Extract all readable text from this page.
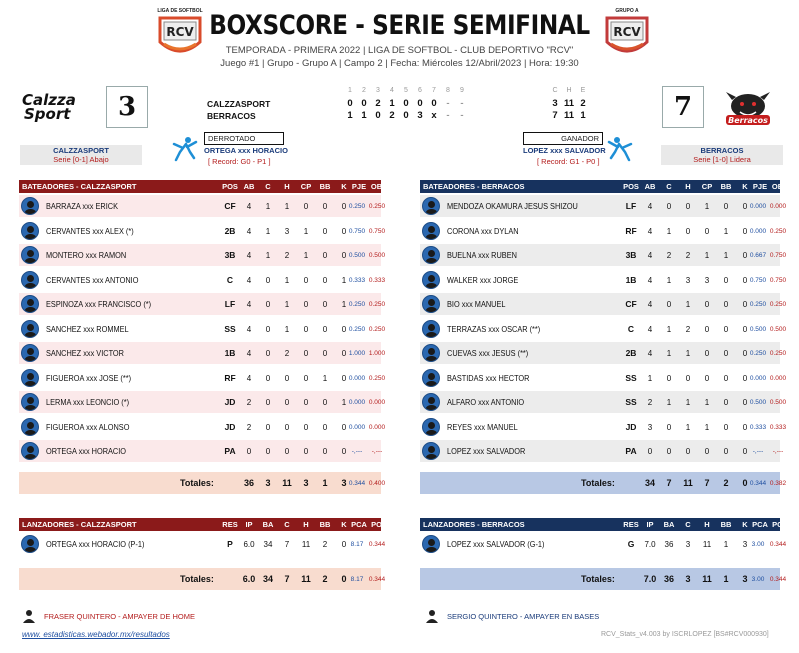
LIGA DE SOFTBOL
RCV BOXSCORE - SERIE SEMIFINAL
TEMPORADA - PRIMERA 2022 | LIGA DE SOFTBOL - CLUB DEPORTIVO "RCV"
Juego #1 | Grupo - Grupo A | Campo 2 | Fecha: Miércoles 12/Abril/2023 | Hora: 19:30
GRUPO A
RCV
Calzza
Sport	3
1 2 3 4 5 6 7 8 9	C H E
CALZZASPORT
BERRACOS
0 0 2 1 0 0 0 - -
1 1 0 2 0 3 x - -
3 11 2
7 11 1	7	Berracos
CALZZASPORT
Serie [0-1] Abajo
BERRACOS
Serie [1-0] Lidera
DERROTADO
ORTEGA xxx HORACIO
[ Record: G0 - P1 ]
GANADOR
LOPEZ xxx SALVADOR
[ Record: G1 - P0 ]
BATEADORES - CALZZASPORT	POS AB	C	H	CP	BB	K PJE OBP
BARRAZA xxx ERICK	CF	4	1	1	0	0	0 0.250 0.250
CERVANTES xxx ALEX (*)	2B	4	1	3	1	0	0 0.750 0.750
MONTERO xxx RAMON	3B	4	1	2	1	0	0 0.500 0.500
CERVANTES xxx ANTONIO	C	4	0	1	0	0	1 0.333 0.333
ESPINOZA xxx FRANCISCO (*)	LF	4	0	1	0	0	1 0.250 0.250
SANCHEZ xxx ROMMEL	SS	4	0	1	0	0	0 0.250 0.250
SANCHEZ xxx VICTOR	1B	4	0	2	0	0	0 1.000 1.000
FIGUEROA xxx JOSE (**)	RF	4	0	0	0	1	0 0.000 0.250
LERMA xxx LEONCIO (*)	JD	2	0	0	0	0	1 0.000 0.000
FIGUEROA xxx ALONSO	JD	2	0	0	0	0	0 0.000 0.000
ORTEGA xxx HORACIO	PA	0	0	0	0	0	0 -,---	-,---
Totales:	36	3	11	3	1	3 0.344 0.400
BATEADORES - BERRACOS	POS AB	C	H	CP	BB	K PJE OBP
MENDOZA OKAMURA JESUS SHIZOU	LF	4	0	0	1	0	0 0.000 0.000
CORONA xxx DYLAN	RF	4	1	0	0	1	0 0.000 0.250
BUELNA xxx RUBEN	3B	4	2	2	1	1	0 0.667 0.750
WALKER xxx JORGE	1B	4	1	3	3	0	0 0.750 0.750
BIO xxx MANUEL	CF	4	0	1	0	0	0 0.250 0.250
TERRAZAS xxx OSCAR (**)	C	4	1	2	0	0	0 0.500 0.500
CUEVAS xxx JESUS (**)	2B	4	1	1	0	0	0 0.250 0.250
BASTIDAS xxx HECTOR	SS	1	0	0	0	0	0 0.000 0.000
ALFARO xxx ANTONIO	SS	2	1	1	1	0	0 0.500 0.500
REYES xxx MANUEL	JD	3	0	1	1	0	0 0.333 0.333
LOPEZ xxx SALVADOR	PA	0	0	0	0	0	0 -,---	-,---
Totales:	34	7	11	7	2	0 0.344 0.382
LANZADORES - CALZZASPORT	RES	IP	BA	C	H	BB	K PCA POP
ORTEGA xxx HORACIO (P-1)	P	6.0	34	7	11	2	0 8.17 0.344
Totales:	6.0 34	7	11	2	0 8.17 0.344
LANZADORES - BERRACOS	RES	IP	BA	C	H	BB	K PCA POP
LOPEZ xxx SALVADOR (G-1)	G	7.0	36	3	11	1	3 3.00 0.344
Totales:	7.0 36	3	11	1	3 3.00 0.344
FRASER QUINTERO - AMPAYER DE HOME	SERGIO QUINTERO - AMPAYER EN BASES
www. estadisticas.webador.mx/resultados	RCV_Stats_v4.003 by ISCRLOPEZ [BS#RCV000930]
